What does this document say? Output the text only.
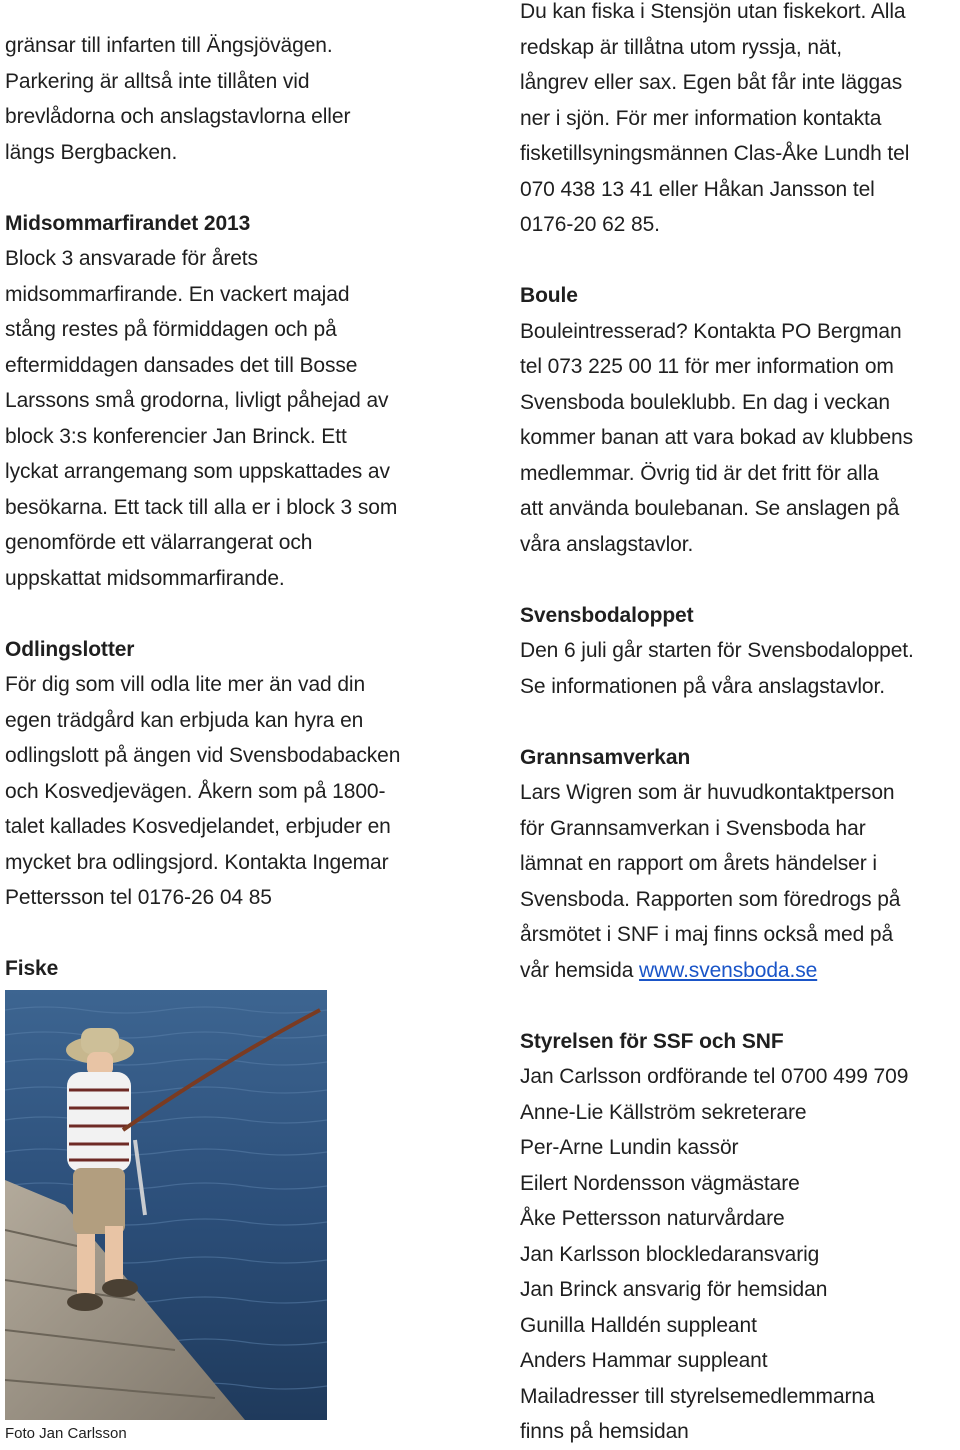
gränsar till infarten till Ängsjövägen.
Parkering är alltså inte tillåten vid
brevlådorna och anslagstavlorna eller
längs Bergbacken.
Midsommarfirandet 2013
Block 3 ansvarade för årets
midsommarfirande. En vackert majad
stång restes på förmiddagen och på
eftermiddagen dansades det till Bosse
Larssons små grodorna, livligt påhejad av
block 3:s konferencier Jan Brinck. Ett
lyckat arrangemang som uppskattades av
besökarna. Ett tack till alla er i block 3 som
genomförde ett välarrangerat och
uppskattat midsommarfirande.
Odlingslotter
För dig som vill odla lite mer än vad din
egen trädgård kan erbjuda kan hyra en
odlingslott på ängen vid Svensbodabacken
och Kosvedjevägen. Åkern som på 1800-
talet kallades Kosvedjelandet, erbjuder en
mycket bra odlingsjord. Kontakta Ingemar
Pettersson tel 0176-26 04 85
Fiske
Foto Jan Carlsson
Du kan fiska i Stensjön utan fiskekort. Alla
redskap är tillåtna utom ryssja, nät,
långrev eller sax. Egen båt får inte läggas
ner i sjön. För mer information kontakta
fisketillsyningsmännen Clas-Åke Lundh tel
070 438 13 41 eller Håkan Jansson tel
0176-20 62 85.
Boule
Bouleintresserad? Kontakta PO Bergman
tel 073 225 00 11 för mer information om
Svensboda bouleklubb. En dag i veckan
kommer banan att vara bokad av klubbens
medlemmar. Övrig tid är det fritt för alla
att använda boulebanan. Se anslagen på
våra anslagstavlor.
Svensbodaloppet
Den 6 juli går starten för Svensbodaloppet.
Se informationen på våra anslagstavlor.
Grannsamverkan
Lars Wigren som är huvudkontaktperson
för Grannsamverkan i Svensboda har
lämnat en rapport om årets händelser i
Svensboda. Rapporten som föredrogs på
årsmötet i SNF i maj finns också med på
vår hemsida www.svensboda.se
Styrelsen för SSF och SNF
Jan Carlsson ordförande tel 0700 499 709
Anne-Lie Källström sekreterare
Per-Arne Lundin kassör
Eilert Nordensson vägmästare
Åke Pettersson naturvårdare
Jan Karlsson blockledaransvarig
Jan Brinck ansvarig för hemsidan
Gunilla Halldén suppleant
Anders Hammar suppleant
Mailadresser till styrelsemedlemmarna
finns på hemsidan
